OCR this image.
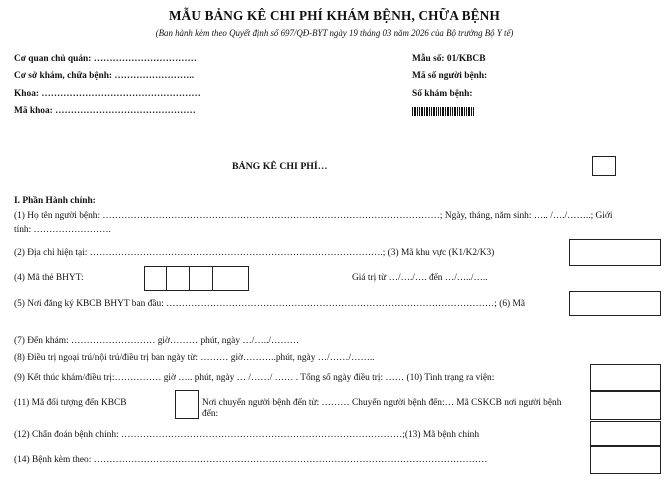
MẪU BẢNG KÊ CHI PHÍ KHÁM BỆNH, CHỮA BỆNH
(Ban hành kèm theo Quyết định số 697/QĐ-BYT ngày 19 tháng 03 năm 2026 của Bộ trưởng Bộ Y tế)
Cơ quan chủ quản: ……………………………
Cơ sở khám, chữa bệnh: ……………………..
Khoa: ……………………………………………
Mã khoa: ………………………………………
Mẫu số: 01/KBCB
Mã số người bệnh:
Số khám bệnh:
BẢNG KÊ CHI PHÍ…
I. Phần Hành chính:
(1) Họ tên người bệnh: ………………………………………………………………………………………………; Ngày, tháng, năm sinh: ….. /…./……..; Giới
tính: …………………….
(2) Địa chỉ hiện tại: ………………………………………………………………………………….; (3) Mã khu vực (K1/K2/K3)
(4) Mã thẻ BHYT:	Giá trị từ …/…./…. đến …/…../…..
(5) Nơi đăng ký KBCB BHYT ban đầu: ……………………………………………………………………………………………; (6) Mã
(7) Đến khám: ……………………… giờ……… phút, ngày …/…../………
(8) Điều trị ngoại trú/nội trú/điều trị ban ngày từ: ……… giờ………..phút, ngày …/……/……..
(9) Kết thúc khám/điều trị:…………… giờ ….. phút, ngày … /……/ …… . Tổng số ngày điều trị: …… (10) Tình trạng ra viện:
(11) Mã đối tượng đến KBCB	Nơi chuyển người bệnh đến từ: ……… Chuyển người bệnh đến:… Mã CSKCB nơi người bệnh
đến:
(12) Chẩn đoán bệnh chính: ………………………………………………………………………………;(13) Mã bệnh chính
(14) Bệnh kèm theo: ………………………………………………………………………………………………………………
